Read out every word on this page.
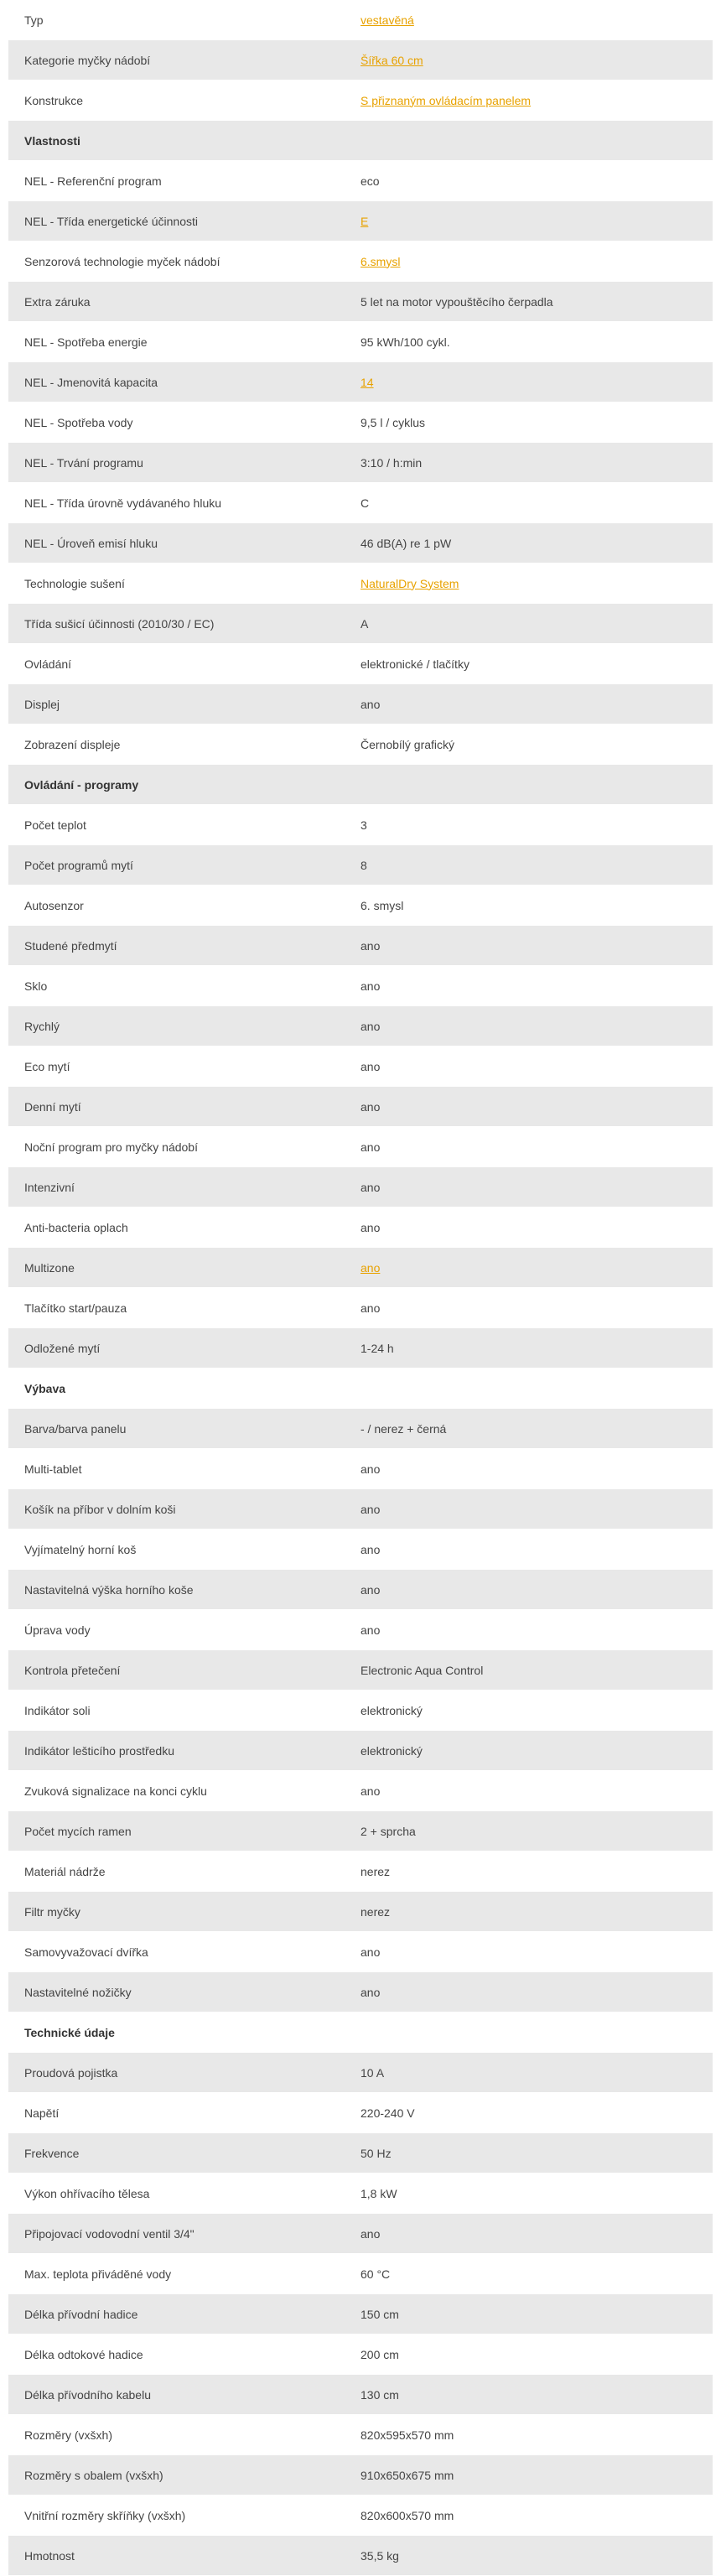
Typ	vestavěná
Kategorie myčky nádobí	Šířka 60 cm
Konstrukce	S přiznaným ovládacím panelem
Vlastnosti
NEL - Referenční program	eco
NEL - Třída energetické účinnosti	E
Senzorová technologie myček nádobí	6.smysl
Extra záruka	5 let na motor vypouštěcího čerpadla
NEL - Spotřeba energie	95 kWh/100 cykl.
NEL - Jmenovitá kapacita	14
NEL - Spotřeba vody	9,5 l / cyklus
NEL - Trvání programu	3:10 / h:min
NEL - Třída úrovně vydávaného hluku	C
NEL - Úroveň emisí hluku	46 dB(A) re 1 pW
Technologie sušení	NaturalDry System
Třída sušicí účinnosti (2010/30 / EC)	A
Ovládání	elektronické / tlačítky
Displej	ano
Zobrazení displeje	Černobílý grafický
Ovládání - programy
Počet teplot	3
Počet programů mytí	8
Autosenzor	6. smysl
Studené předmytí	ano
Sklo	ano
Rychlý	ano
Eco mytí	ano
Denní mytí	ano
Noční program pro myčky nádobí	ano
Intenzivní	ano
Anti-bacteria oplach	ano
Multizone	ano
Tlačítko start/pauza	ano
Odložené mytí	1-24 h
Výbava
Barva/barva panelu	- / nerez + černá
Multi-tablet	ano
Košík na příbor v dolním koši	ano
Vyjímatelný horní koš	ano
Nastavitelná výška horního koše	ano
Úprava vody	ano
Kontrola přetečení	Electronic Aqua Control
Indikátor soli	elektronický
Indikátor lešticího prostředku	elektronický
Zvuková signalizace na konci cyklu	ano
Počet mycích ramen	2 + sprcha
Materiál nádrže	nerez
Filtr myčky	nerez
Samovyvažovací dvířka	ano
Nastavitelné nožičky	ano
Technické údaje
Proudová pojistka	10 A
Napětí	220-240 V
Frekvence	50 Hz
Výkon ohřívacího tělesa	1,8 kW
Připojovací vodovodní ventil 3/4"	ano
Max. teplota přiváděné vody	60 °C
Délka přívodní hadice	150 cm
Délka odtokové hadice	200 cm
Délka přívodního kabelu	130 cm
Rozměry (vxšxh)	820x595x570 mm
Rozměry s obalem (vxšxh)	910x650x675 mm
Vnitřní rozměry skříňky (vxšxh)	820x600x570 mm
Hmotnost	35,5 kg
